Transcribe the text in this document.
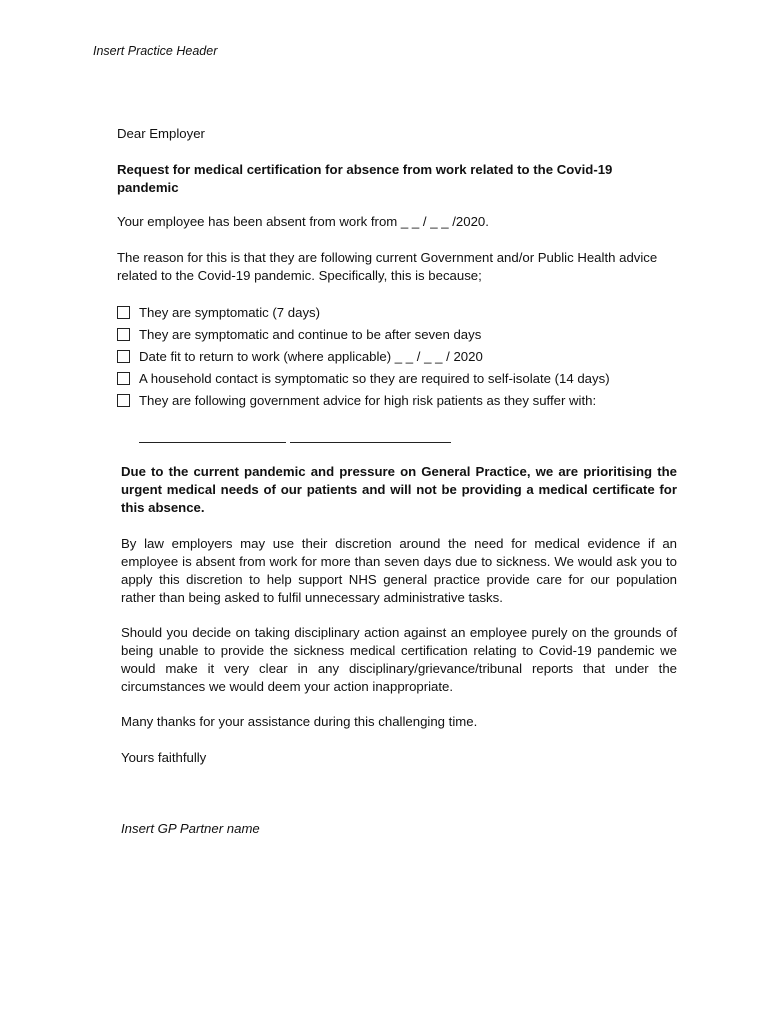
Insert Practice Header
Dear Employer
Request for medical certification for absence from work related to the Covid-19 pandemic
Your employee has been absent from work from _ _ / _ _ /2020.
The reason for this is that they are following current Government and/or Public Health advice related to the Covid-19 pandemic. Specifically, this is because;
They are symptomatic (7 days)
They are symptomatic and continue to be after seven days
Date fit to return to work (where applicable) _ _ / _ _ / 2020
A household contact is symptomatic so they are required to self-isolate (14 days)
They are following government advice for high risk patients as they suffer with:
Due to the current pandemic and pressure on General Practice, we are prioritising the urgent medical needs of our patients and will not be providing a medical certificate for this absence.
By law employers may use their discretion around the need for medical evidence if an employee is absent from work for more than seven days due to sickness. We would ask you to apply this discretion to help support NHS general practice provide care for our population rather than being asked to fulfil unnecessary administrative tasks.
Should you decide on taking disciplinary action against an employee purely on the grounds of being unable to provide the sickness medical certification relating to Covid-19 pandemic we would make it very clear in any disciplinary/grievance/tribunal reports that under the circumstances we would deem your action inappropriate.
Many thanks for your assistance during this challenging time.
Yours faithfully
Insert GP Partner name
